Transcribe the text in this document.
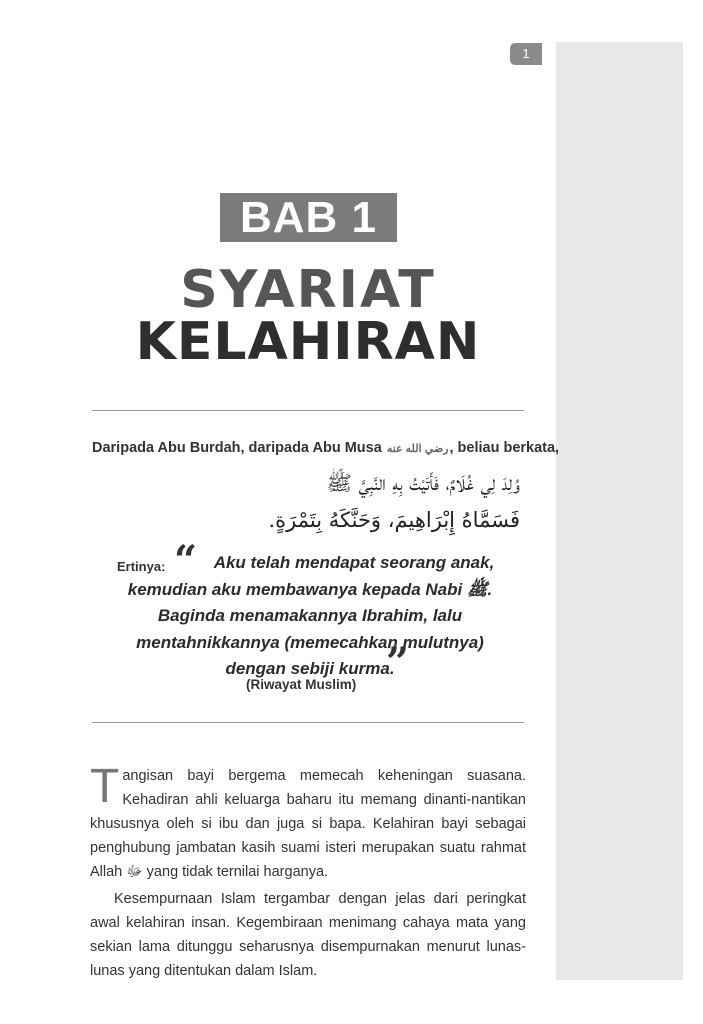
1
BAB 1
SYARIAT
KELAHIRAN
Daripada Abu Burdah, daripada Abu Musa رضي الله عنه, beliau berkata,
وُلِدَ لِي غُلَامٌ، فَأَتَيْتُ بِهِ النَّبِيَّ ﷺ
فَسَمَّاهُ إِبْرَاهِيمَ، وَحَنَّكَهُ بِتَمْرَةٍ.
Ertinya: “ Aku telah mendapat seorang anak,
kemudian aku membawanya kepada Nabi ﷺ.
Baginda menamakannya Ibrahim, lalu
mentahnikkannya (memecahkan mulutnya)
dengan sebiji kurma.
”
(Riwayat Muslim)
Tangisan bayi bergema memecah keheningan suasana. Kehadiran ahli keluarga baharu itu memang dinanti-nantikan khususnya oleh si ibu dan juga si bapa. Kelahiran bayi sebagai penghubung jambatan kasih suami isteri merupakan suatu rahmat Allah ﷻ yang tidak ternilai harganya.
Kesempurnaan Islam tergambar dengan jelas dari peringkat awal kelahiran insan. Kegembiraan menimang cahaya mata yang sekian lama ditunggu seharusnya disempurnakan menurut lunas-lunas yang ditentukan dalam Islam.
